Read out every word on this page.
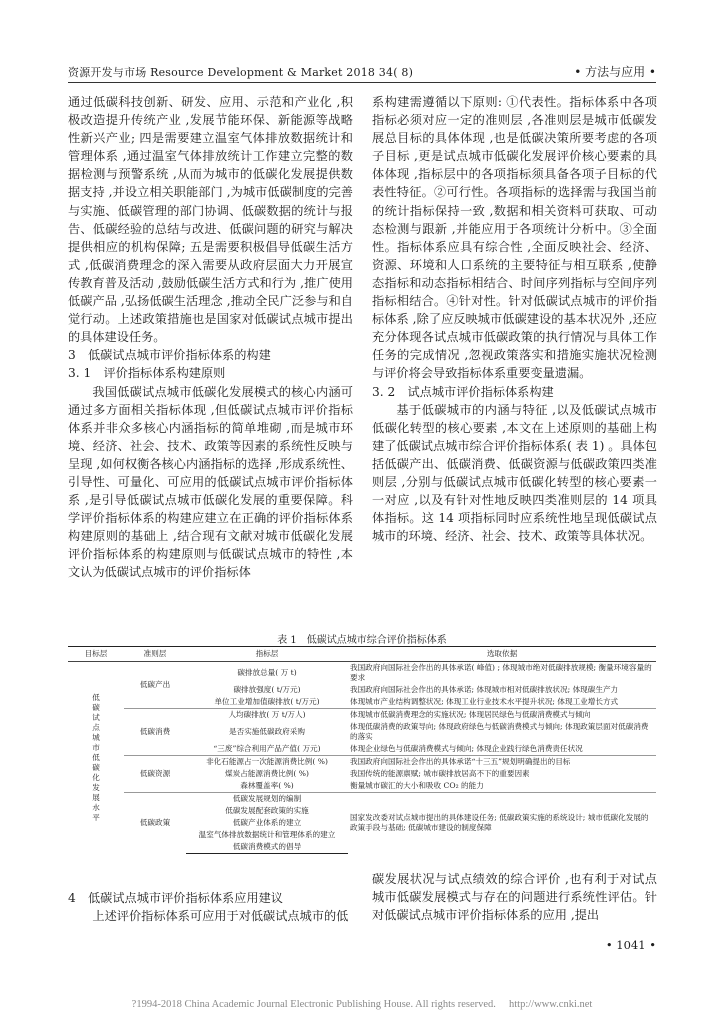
资源开发与市场 Resource Development & Market 2018 34( 8)	• 方法与应用 •

通过低碳科技创新、研发、应用、示范和产业化 ,积极改造提升传统产业 ,发展节能环保、新能源等战略性新兴产业; 四是需要建立温室气体排放数据统计和管理体系 ,通过温室气体排放统计工作建立完整的数据检测与预警系统 ,从而为城市的低碳化发展提供数据支持 ,并设立相关职能部门 ,为城市低碳制度的完善与实施、低碳管理的部门协调、低碳数据的统计与报告、低碳经验的总结与改进、低碳问题的研究与解决提供相应的机构保障; 五是需要积极倡导低碳生活方式 ,低碳消费理念的深入需要从政府层面大力开展宣传教育普及活动 ,鼓励低碳生活方式和行为 ,推广使用低碳产品 ,弘扬低碳生活理念 ,推动全民广泛参与和自觉行动。上述政策措施也是国家对低碳试点城市提出的具体建设任务。

3　低碳试点城市评价指标体系的构建

3. 1　评价指标体系构建原则

我国低碳试点城市低碳化发展模式的核心内涵可通过多方面相关指标体现 ,但低碳试点城市评价指标体系并非众多核心内涵指标的简单堆砌 ,而是城市环境、经济、社会、技术、政策等因素的系统性反映与呈现 ,如何权衡各核心内涵指标的选择 ,形成系统性、引导性、可量化、可应用的低碳试点城市评价指标体系 ,是引导低碳试点城市低碳化发展的重要保障。科学评价指标体系的构建应建立在正确的评价指标体系构建原则的基础上 ,结合现有文献对城市低碳化发展评价指标体系的构建原则与低碳试点城市的特性 ,本文认为低碳试点城市的评价指标体

系构建需遵循以下原则: ①代表性。指标体系中各项指标必须对应一定的准则层 ,各准则层是城市低碳发展总目标的具体体现 ,也是低碳决策所要考虑的各项子目标 ,更是试点城市低碳化发展评价核心要素的具体体现 ,指标层中的各项指标须具备各项子目标的代表性特征。②可行性。各项指标的选择需与我国当前的统计指标保持一致 ,数据和相关资料可获取、可动态检测与跟新 ,并能应用于各项统计分析中。③全面性。指标体系应具有综合性 ,全面反映社会、经济、资源、环境和人口系统的主要特征与相互联系 ,使静态指标和动态指标相结合、时间序列指标与空间序列指标相结合。④针对性。针对低碳试点城市的评价指标体系 ,除了应反映城市低碳建设的基本状况外 ,还应充分体现各试点城市低碳政策的执行情况与具体工作任务的完成情况 ,忽视政策落实和措施实施状况检测与评价将会导致指标体系重要变量遗漏。

3. 2　试点城市评价指标体系构建

基于低碳城市的内涵与特征 ,以及低碳试点城市低碳化转型的核心要素 ,本文在上述原则的基础上构建了低碳试点城市综合评价指标体系( 表 1) 。具体包括低碳产出、低碳消费、低碳资源与低碳政策四类准则层 ,分别与低碳试点城市低碳化转型的核心要素一一对应 ,以及有针对性地反映四类准则层的 14 项具体指标。这 14 项指标同时应系统性地呈现低碳试点城市的环境、经济、社会、技术、政策等具体状况。

表 1　低碳试点城市综合评价指标体系
目标层	准则层	指标层	选取依据
低碳试点城市低碳化发展水平	低碳产出	碳排放总量( 万 t)	我国政府向国际社会作出的具体承诺( 峰值) ; 体现城市绝对低碳排放规模; 衡量环境容量的要求
		碳排放强度( t/万元)	我国政府向国际社会作出的具体承诺; 体现城市相对低碳排放状况; 体现碳生产力
		单位工业增加值碳排放( t/万元)	体现城市产业结构调整状况; 体现工业行业技术水平提升状况; 体现工业增长方式
	低碳消费	人均碳排放( 万 t/万人)	体现城市低碳消费理念的实施状况; 体现居民绿色与低碳消费模式与倾向
		是否实施低碳政府采购	体现低碳消费的政策导向; 体现政府绿色与低碳消费模式与倾向; 体现政策层面对低碳消费的落实
		“三废”综合利用产品产值( 万元)	体现企业绿色与低碳消费模式与倾向; 体现企业践行绿色消费责任状况
	低碳资源	非化石能源占一次能源消费比例( %)	我国政府向国际社会作出的具体承诺“十三五”规划明确提出的目标
		煤炭占能源消费比例( %)	我国传统的能源禀赋; 城市碳排放居高不下的重要因素
		森林覆盖率( %)	衡量城市碳汇的大小和吸收 CO₂ 的能力
	低碳政策	低碳发展规划的编制	国家发改委对试点城市提出的具体建设任务; 低碳政策实施的系统设计; 城市低碳化发展的政策手段与基础; 低碳城市建设的制度保障
		低碳发展配套政策的实施	
		低碳产业体系的建立	
		温室气体排放数据统计和管理体系的建立	
		低碳消费模式的倡导	

4　低碳试点城市评价指标体系应用建议

上述评价指标体系可应用于对低碳试点城市的低

碳发展状况与试点绩效的综合评价 ,也有利于对试点城市低碳发展模式与存在的问题进行系统性评估。针对低碳试点城市评价指标体系的应用 ,提出

• 1041 •
?1994-2018 China Academic Journal Electronic Publishing House. All rights reserved.　 http://www.cnki.net
